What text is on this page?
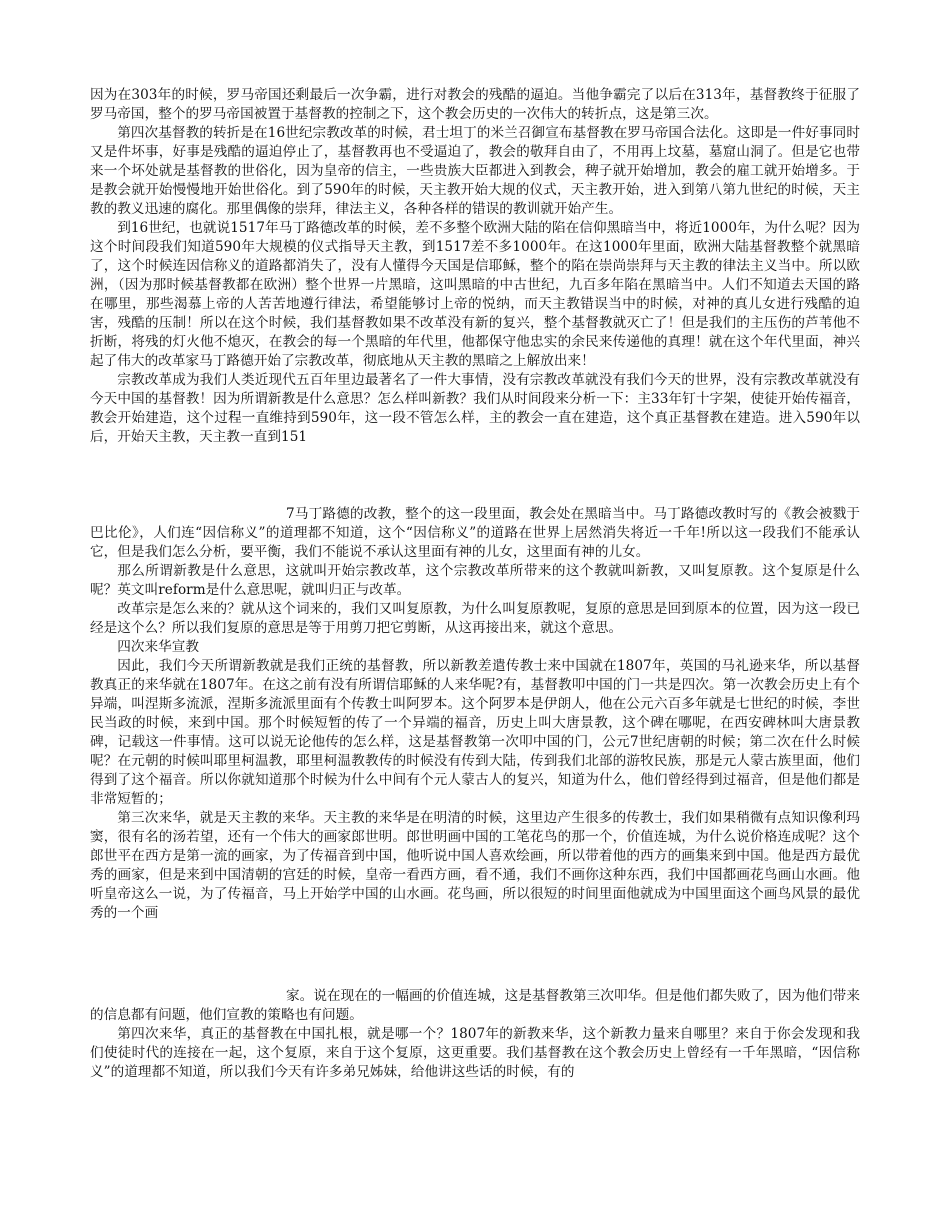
因为在303年的时候，罗马帝国还剩最后一次争霸，进行对教会的残酷的逼迫。当他争霸完了以后在313年，基督教终于征服了罗马帝国，整个的罗马帝国被置于基督教的控制之下，这个教会历史的一次伟大的转折点，这是第三次。

第四次基督教的转折是在16世纪宗教改革的时候，君士坦丁的米兰召御宣布基督教在罗马帝国合法化。这即是一件好事同时又是件坏事，好事是残酷的逼迫停止了，基督教再也不受逼迫了，教会的敬拜自由了，不用再上坟墓，墓窟山洞了。但是它也带来一个坏处就是基督教的世俗化，因为皇帝的信主，一些贵族大臣都进入到教会，稗子就开始增加，教会的雇工就开始增多。于是教会就开始慢慢地开始世俗化。到了590年的时候，天主教开始大规的仪式，天主教开始，进入到第八第九世纪的时候，天主教的教义迅速的腐化。那里偶像的崇拜，律法主义，各种各样的错误的教训就开始产生。

到16世纪，也就说1517年马丁路德改革的时候，差不多整个欧洲大陆的陷在信仰黑暗当中，将近1000年，为什么呢？因为这个时间段我们知道590年大规模的仪式指导天主教，到1517差不多1000年。在这1000年里面，欧洲大陆基督教整个就黑暗了，这个时候连因信称义的道路都消失了，没有人懂得今天国是信耶稣，整个的陷在崇尚崇拜与天主教的律法主义当中。所以欧洲，（因为那时候基督教都在欧洲）整个世界一片黑暗，这叫黑暗的中古世纪，九百多年陷在黑暗当中。人们不知道去天国的路在哪里，那些渴慕上帝的人苦苦地遵行律法，希望能够讨上帝的悦纳，而天主教错误当中的时候，对神的真儿女进行残酷的迫害，残酷的压制！所以在这个时候，我们基督教如果不改革没有新的复兴，整个基督教就灭亡了！但是我们的主压伤的芦苇他不折断，将残的灯火他不熄灭，在教会的每一个黑暗的年代里，他都保守他忠实的余民来传递他的真理！就在这个年代里面，神兴起了伟大的改革家马丁路德开始了宗教改革，彻底地从天主教的黑暗之上解放出来！

宗教改革成为我们人类近现代五百年里边最著名了一件大事情，没有宗教改革就没有我们今天的世界，没有宗教改革就没有今天中国的基督教！因为所谓新教是什么意思？怎么样叫新教？我们从时间段来分析一下：主33年钉十字架，使徒开始传福音，教会开始建造，这个过程一直维持到590年，这一段不管怎么样，主的教会一直在建造，这个真正基督教在建造。进入590年以后，开始天主教，天主教一直到151

7马丁路德的改教，整个的这一段里面，教会处在黑暗当中。马丁路德改教时写的《教会被戮于巴比伦》，人们连“因信称义”的道理都不知道，这个“因信称义”的道路在世界上居然消失将近一千年!所以这一段我们不能承认它，但是我们怎么分析，要平衡，我们不能说不承认这里面有神的儿女，这里面有神的儿女。

那么所谓新教是什么意思，这就叫开始宗教改革，这个宗教改革所带来的这个教就叫新教，又叫复原教。这个复原是什么呢？英文叫reform是什么意思呢，就叫归正与改革。

改革宗是怎么来的？就从这个词来的，我们又叫复原教，为什么叫复原教呢，复原的意思是回到原本的位置，因为这一段已经是这个么？所以我们复原的意思是等于用剪刀把它剪断，从这再接出来，就这个意思。

四次来华宣教

因此，我们今天所谓新教就是我们正统的基督教，所以新教差遣传教士来中国就在1807年，英国的马礼逊来华，所以基督教真正的来华就在1807年。在这之前有没有所谓信耶稣的人来华呢?有，基督教叩中国的门一共是四次。第一次教会历史上有个异端，叫涅斯多流派，涅斯多流派里面有个传教士叫阿罗本。这个阿罗本是伊朗人，他在公元六百多年就是七世纪的时候，李世民当政的时候，来到中国。那个时候短暂的传了一个异端的福音，历史上叫大唐景教，这个碑在哪呢，在西安碑林叫大唐景教碑，记载这一件事情。这可以说无论他传的怎么样，这是基督教第一次叩中国的门，公元7世纪唐朝的时候；第二次在什么时候呢？在元朝的时候叫耶里柯温教，耶里柯温教教传的时候没有传到大陆，传到我们北部的游牧民族，那是元人蒙古族里面，他们得到了这个福音。所以你就知道那个时候为什么中间有个元人蒙古人的复兴，知道为什么，他们曾经得到过福音，但是他们都是非常短暂的；

第三次来华，就是天主教的来华。天主教的来华是在明清的时候，这里边产生很多的传教士，我们如果稍微有点知识像利玛窦，很有名的汤若望，还有一个伟大的画家郎世明。郎世明画中国的工笔花鸟的那一个，价值连城，为什么说价格连成呢？这个郎世平在西方是第一流的画家，为了传福音到中国，他听说中国人喜欢绘画，所以带着他的西方的画集来到中国。他是西方最优秀的画家，但是来到中国清朝的宫廷的时候，皇帝一看西方画，看不通，我们不画你这种东西，我们中国都画花鸟画山水画。他听皇帝这么一说，为了传福音，马上开始学中国的山水画。花鸟画，所以很短的时间里面他就成为中国里面这个画鸟风景的最优秀的一个画

家。说在现在的一幅画的价值连城，这是基督教第三次叩华。但是他们都失败了，因为他们带来的信息都有问题，他们宣教的策略也有问题。

第四次来华，真正的基督教在中国扎根，就是哪一个？1807年的新教来华，这个新教力量来自哪里？来自于你会发现和我们使徒时代的连接在一起，这个复原，来自于这个复原，这更重要。我们基督教在这个教会历史上曾经有一千年黑暗，“因信称义”的道理都不知道，所以我们今天有许多弟兄姊妹，给他讲这些话的时候，有的
